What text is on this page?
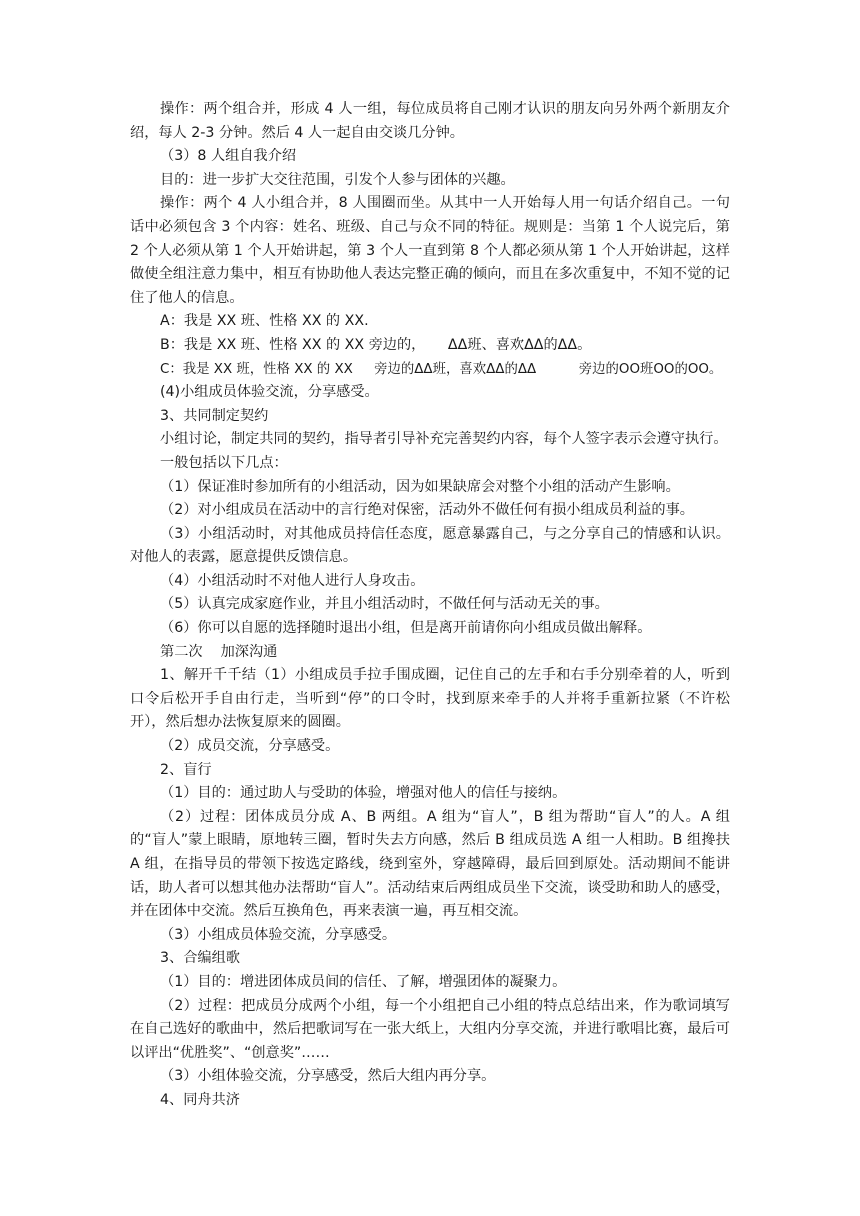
操作：两个组合并，形成 4 人一组，每位成员将自己刚才认识的朋友向另外两个新朋友介绍，每人 2-3 分钟。然后 4 人一起自由交谈几分钟。

（3）8 人组自我介绍

目的：进一步扩大交往范围，引发个人参与团体的兴趣。

操作：两个 4 人小组合并，8 人围圈而坐。从其中一人开始每人用一句话介绍自己。一句话中必须包含 3 个内容：姓名、班级、自己与众不同的特征。规则是：当第 1 个人说完后，第 2 个人必须从第 1 个人开始讲起，第 3 个人一直到第 8 个人都必须从第 1 个人开始讲起，这样做使全组注意力集中，相互有协助他人表达完整正确的倾向，而且在多次重复中，不知不觉的记住了他人的信息。

A：我是 XX 班、性格 XX 的 XX.

B：我是 XX 班、性格 XX 的 XX 旁边的，     ΔΔ班、喜欢ΔΔ的ΔΔ。

C：我是 XX 班，性格 XX 的 XX     旁边的ΔΔ班，喜欢ΔΔ的ΔΔ          旁边的OO班OO的OO。

(4)小组成员体验交流，分享感受。

3、共同制定契约

小组讨论，制定共同的契约，指导者引导补充完善契约内容，每个人签字表示会遵守执行。

一般包括以下几点：

（1）保证准时参加所有的小组活动，因为如果缺席会对整个小组的活动产生影响。

（2）对小组成员在活动中的言行绝对保密，活动外不做任何有损小组成员利益的事。

（3）小组活动时，对其他成员持信任态度，愿意暴露自己，与之分享自己的情感和认识。对他人的表露，愿意提供反馈信息。

（4）小组活动时不对他人进行人身攻击。

（5）认真完成家庭作业，并且小组活动时，不做任何与活动无关的事。

（6）你可以自愿的选择随时退出小组，但是离开前请你向小组成员做出解释。

第二次    加深沟通

1、解开千千结（1）小组成员手拉手围成圈，记住自己的左手和右手分别牵着的人，听到口令后松开手自由行走，当听到“停”的口令时，找到原来牵手的人并将手重新拉紧（不许松开），然后想办法恢复原来的圆圈。

（2）成员交流，分享感受。

2、盲行

（1）目的：通过助人与受助的体验，增强对他人的信任与接纳。

（2）过程：团体成员分成 A、B 两组。A 组为“盲人”，B 组为帮助“盲人”的人。A 组的“盲人”蒙上眼睛，原地转三圈，暂时失去方向感，然后 B 组成员选 A 组一人相助。B 组搀扶 A 组，在指导员的带领下按选定路线，绕到室外，穿越障碍，最后回到原处。活动期间不能讲话，助人者可以想其他办法帮助“盲人”。活动结束后两组成员坐下交流，谈受助和助人的感受，并在团体中交流。然后互换角色，再来表演一遍，再互相交流。

（3）小组成员体验交流，分享感受。

3、合编组歌

（1）目的：增进团体成员间的信任、了解，增强团体的凝聚力。

（2）过程：把成员分成两个小组，每一个小组把自己小组的特点总结出来，作为歌词填写在自己选好的歌曲中，然后把歌词写在一张大纸上，大组内分享交流，并进行歌唱比赛，最后可以评出“优胜奖”、“创意奖”……

（3）小组体验交流，分享感受，然后大组内再分享。

4、同舟共济
